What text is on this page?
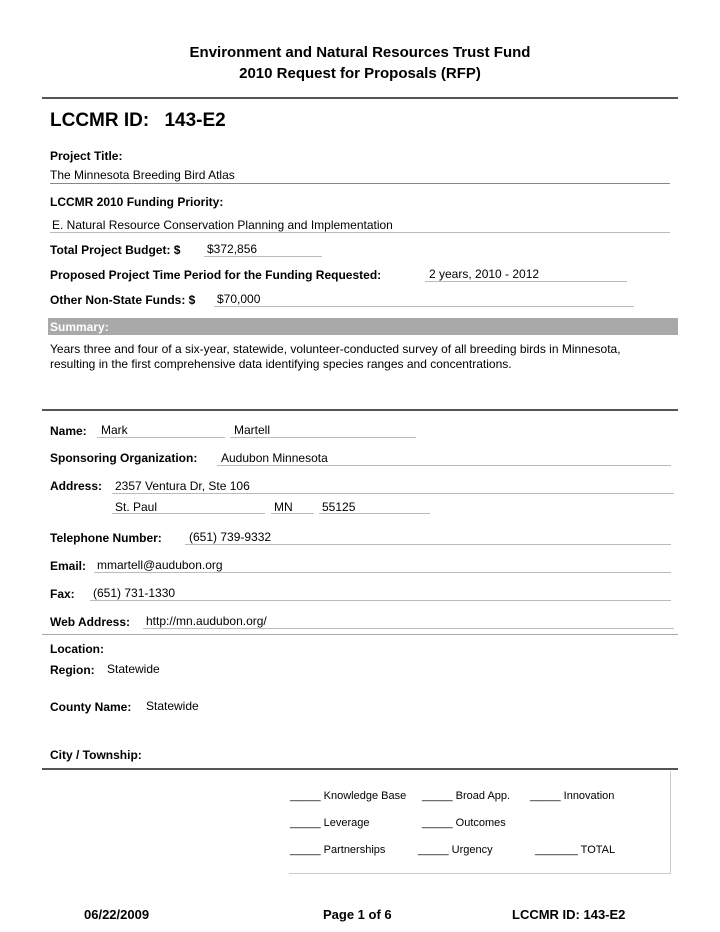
Environment and Natural Resources Trust Fund
2010 Request for Proposals (RFP)
LCCMR ID: 143-E2
Project Title:
The Minnesota Breeding Bird Atlas
LCCMR 2010 Funding Priority:
E. Natural Resource Conservation Planning and Implementation
Total Project Budget: $ $372,856
Proposed Project Time Period for the Funding Requested:	2 years, 2010 - 2012
Other Non-State Funds: $ $70,000
Summary:
Years three and four of a six-year, statewide, volunteer-conducted survey of all breeding birds in Minnesota,
resulting in the first comprehensive data identifying species ranges and concentrations.
Name: Mark	Martell
Sponsoring Organization: Audubon Minnesota
Address: 2357 Ventura Dr, Ste 106
St. Paul	MN 55125
Telephone Number: (651) 739-9332
Email: mmartell@audubon.org
Fax: (651) 731-1330
Web Address: http://mn.audubon.org/
Location:
Region: Statewide
County Name: Statewide
City / Township:
_____ Knowledge Base _____ Broad App. _____ Innovation
_____ Leverage	_____ Outcomes
_____ Partnerships	_____ Urgency	_______ TOTAL
06/22/2009	Page 1 of 6	LCCMR ID: 143-E2
